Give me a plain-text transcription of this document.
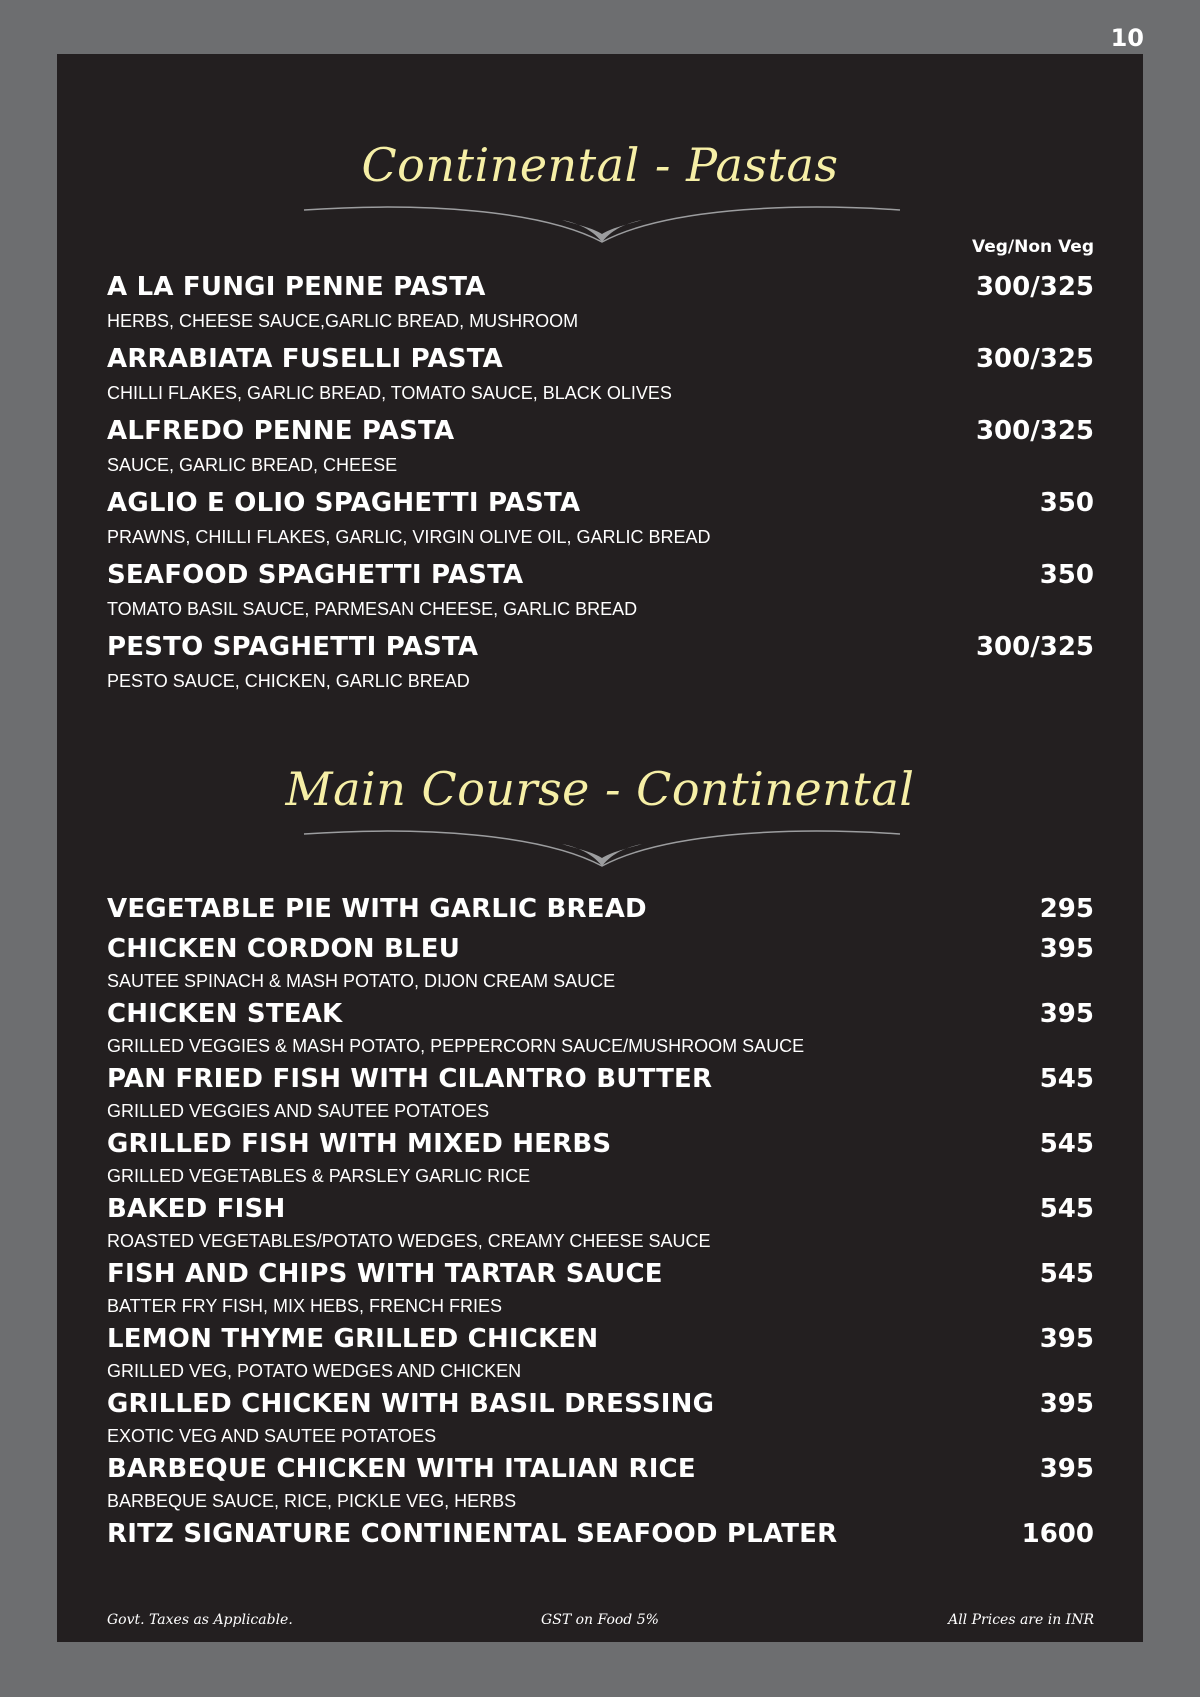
10
Continental - Pastas
Veg/Non Veg
A LA FUNGI PENNE PASTA	300/325
HERBS, CHEESE SAUCE,GARLIC BREAD, MUSHROOM
ARRABIATA FUSELLI PASTA	300/325
CHILLI FLAKES, GARLIC BREAD, TOMATO SAUCE, BLACK OLIVES
ALFREDO PENNE PASTA	300/325
SAUCE, GARLIC BREAD, CHEESE
AGLIO E OLIO SPAGHETTI PASTA	350
PRAWNS, CHILLI FLAKES, GARLIC, VIRGIN OLIVE OIL, GARLIC BREAD
SEAFOOD SPAGHETTI PASTA	350
TOMATO BASIL SAUCE, PARMESAN CHEESE, GARLIC BREAD
PESTO SPAGHETTI PASTA	300/325
PESTO SAUCE, CHICKEN, GARLIC BREAD
Main Course - Continental
VEGETABLE PIE WITH GARLIC BREAD	295
CHICKEN CORDON BLEU	395
SAUTEE SPINACH & MASH POTATO, DIJON CREAM SAUCE
CHICKEN STEAK	395
GRILLED VEGGIES & MASH POTATO, PEPPERCORN SAUCE/MUSHROOM SAUCE
PAN FRIED FISH WITH CILANTRO BUTTER	545
GRILLED VEGGIES AND SAUTEE POTATOES
GRILLED FISH WITH MIXED HERBS	545
GRILLED VEGETABLES & PARSLEY GARLIC RICE
BAKED FISH	545
ROASTED VEGETABLES/POTATO WEDGES, CREAMY CHEESE SAUCE
FISH AND CHIPS WITH TARTAR SAUCE	545
BATTER FRY FISH, MIX HEBS, FRENCH FRIES
LEMON THYME GRILLED CHICKEN	395
GRILLED VEG, POTATO WEDGES AND CHICKEN
GRILLED CHICKEN WITH BASIL DRESSING	395
EXOTIC VEG AND SAUTEE POTATOES
BARBEQUE CHICKEN WITH ITALIAN RICE	395
BARBEQUE SAUCE, RICE, PICKLE VEG, HERBS
RITZ SIGNATURE CONTINENTAL SEAFOOD PLATER	1600
Govt. Taxes as Applicable.	GST on Food 5%	All Prices are in INR
